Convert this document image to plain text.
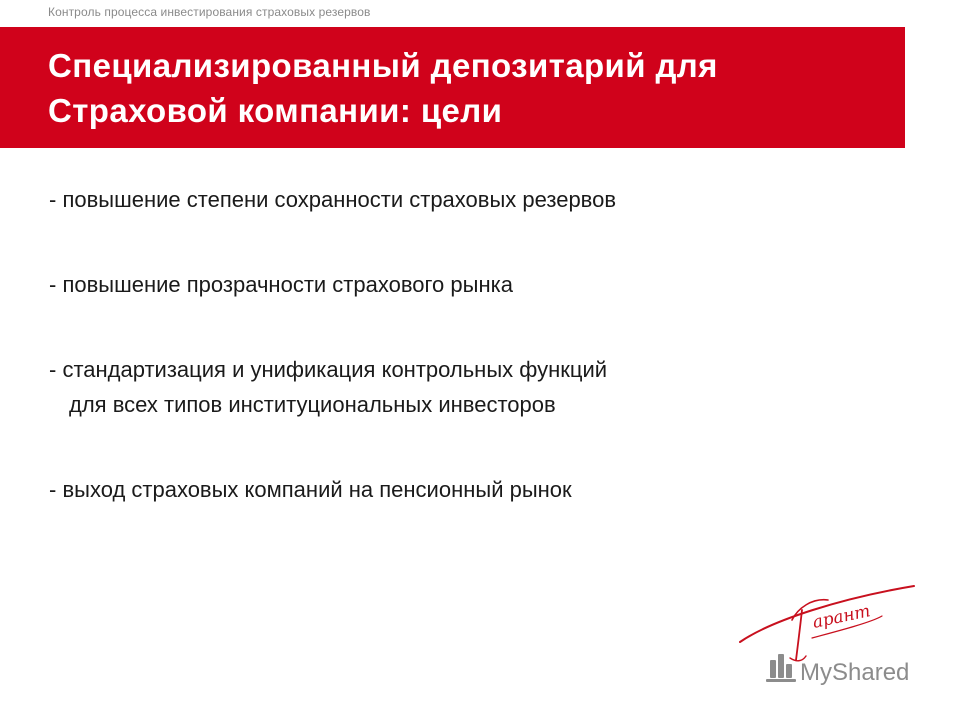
Контроль процесса инвестирования страховых резервов
Специализированный депозитарий для
Страховой компании: цели
- повышение степени сохранности страховых резервов
- повышение прозрачности страхового рынка
- стандартизация и унификация контрольных функций
для всех типов институциональных инвесторов
- выход страховых компаний на пенсионный рынок
арант
MyShared
